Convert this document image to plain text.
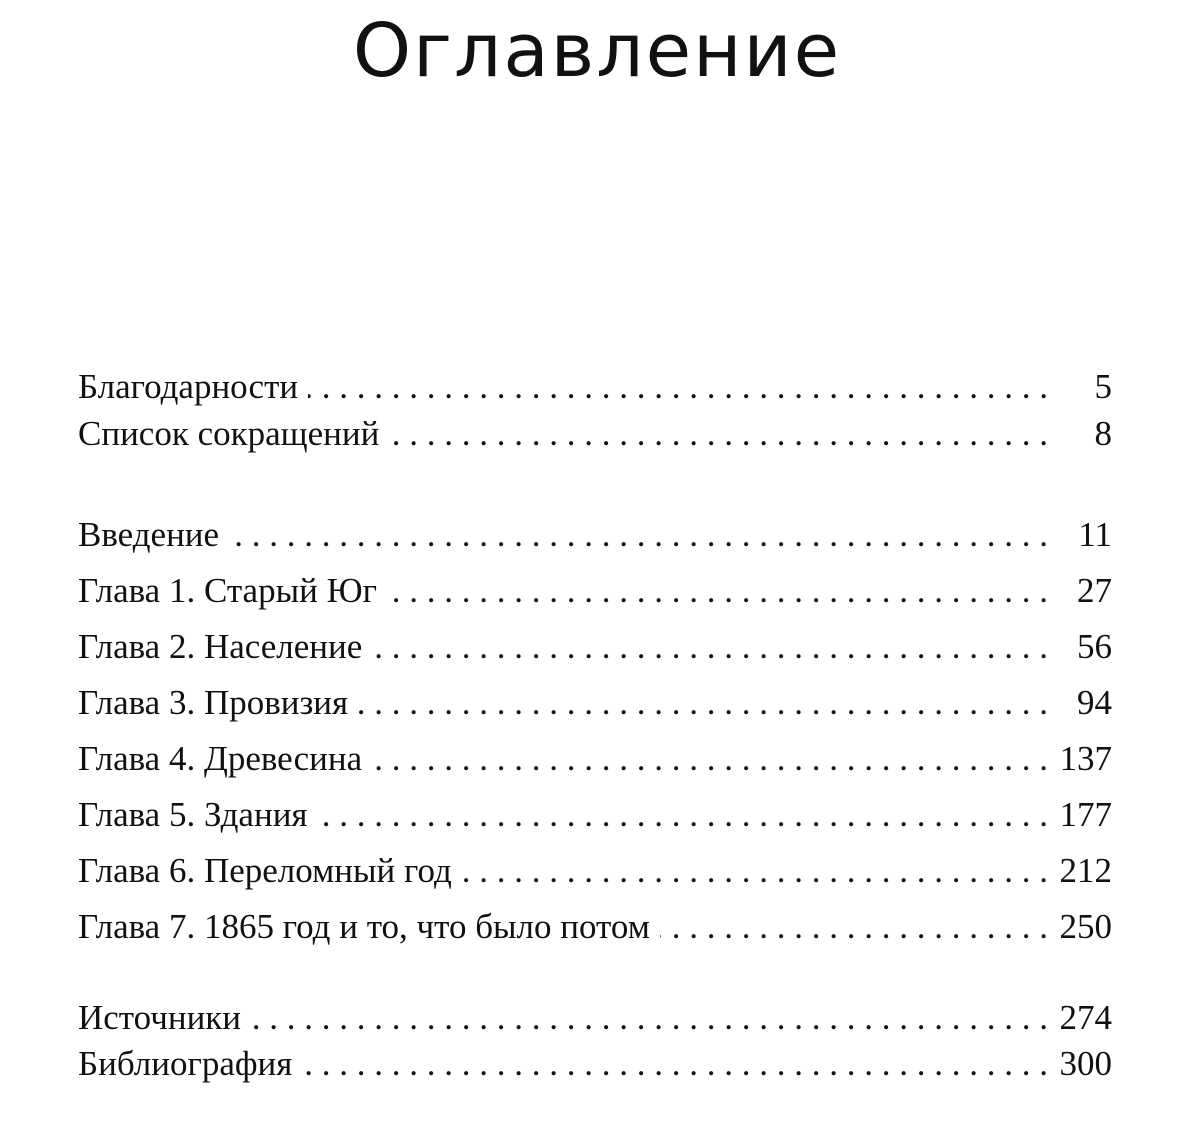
Оглавление
Благодарности . . .	5
Список сокращений . . .	8
Введение . . .	11
Глава 1. Старый Юг . . .	27
Глава 2. Население . . .	56
Глава 3. Провизия . . .	94
Глава 4. Древесина . . .	137
Глава 5. Здания . . .	177
Глава 6. Переломный год . . .	212
Глава 7. 1865 год и то, что было потом . . .	250
Источники . . .	274
Библиография . . .	300
